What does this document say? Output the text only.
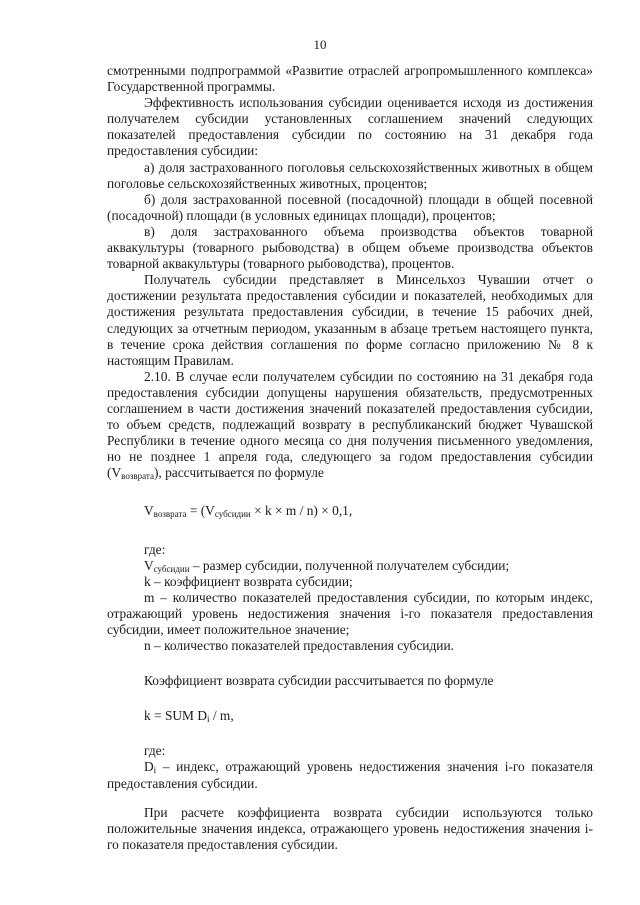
10

смотренными подпрограммой «Развитие отраслей агропромышленного комплекса» Государственной программы.

Эффективность использования субсидии оценивается исходя из достижения получателем субсидии установленных соглашением значений следующих показателей предоставления субсидии по состоянию на 31 декабря года предоставления субсидии:

а) доля застрахованного поголовья сельскохозяйственных животных в общем поголовье сельскохозяйственных животных, процентов;

б) доля застрахованной посевной (посадочной) площади в общей посевной (посадочной) площади (в условных единицах площади), процентов;

в) доля застрахованного объема производства объектов товарной аквакультуры (товарного рыбоводства) в общем объеме производства объектов товарной аквакультуры (товарного рыбоводства), процентов.

Получатель субсидии представляет в Минсельхоз Чувашии отчет о достижении результата предоставления субсидии и показателей, необходимых для достижения результата предоставления субсидии, в течение 15 рабочих дней, следующих за отчетным периодом, указанным в абзаце третьем настоящего пункта, в течение срока действия соглашения по форме согласно приложению № 8 к настоящим Правилам.

2.10. В случае если получателем субсидии по состоянию на 31 декабря года предоставления субсидии допущены нарушения обязательств, предусмотренных соглашением в части достижения значений показателей предоставления субсидии, то объем средств, подлежащий возврату в республиканский бюджет Чувашской Республики в течение одного месяца со дня получения письменного уведомления, но не позднее 1 апреля года, следующего за годом предоставления субсидии $(V_{возврата})$, рассчитывается по формуле

$V_{возврата} = (V_{субсидии} \times k \times m / n) \times 0,1$,

где:

$V_{субсидии}$ – размер субсидии, полученной получателем субсидии;

k – коэффициент возврата субсидии;

m – количество показателей предоставления субсидии, по которым индекс, отражающий уровень недостижения значения i-го показателя предоставления субсидии, имеет положительное значение;

n – количество показателей предоставления субсидии.

Коэффициент возврата субсидии рассчитывается по формуле

k = SUM $D_i$ / m,

где:

$D_i$ – индекс, отражающий уровень недостижения значения i-го показателя предоставления субсидии.

При расчете коэффициента возврата субсидии используются только положительные значения индекса, отражающего уровень недостижения значения i-го показателя предоставления субсидии.
